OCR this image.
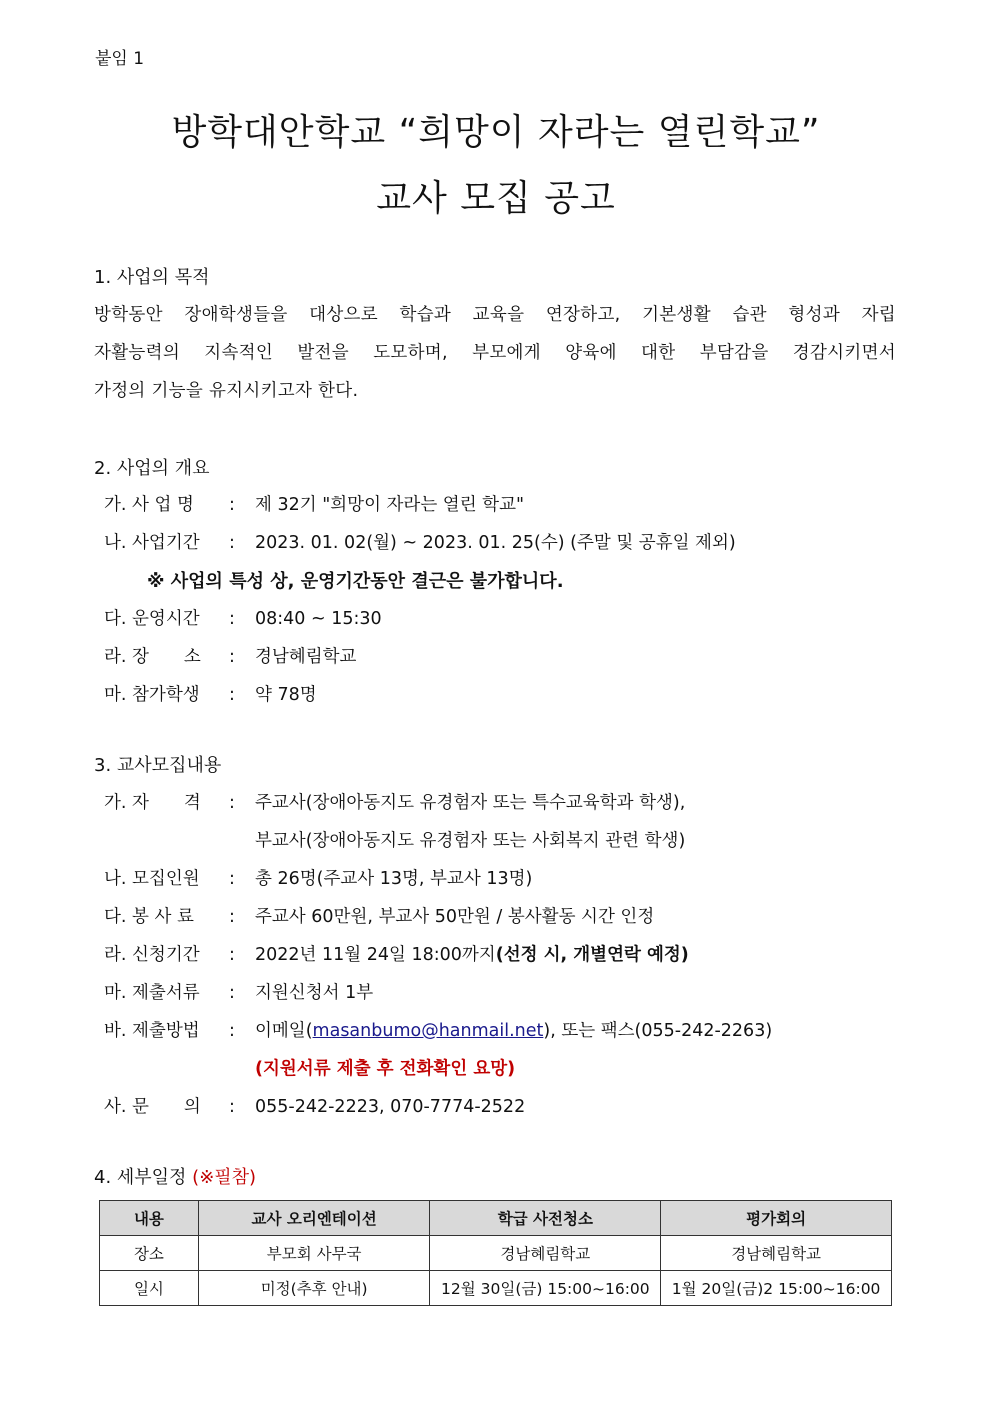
붙임 1
방학대안학교 “희망이 자라는 열린학교”
교사 모집 공고
1. 사업의 목적
방학동안 장애학생들을 대상으로 학습과 교육을 연장하고, 기본생활 습관 형성과 자립
자활능력의 지속적인 발전을 도모하며, 부모에게 양육에 대한 부담감을 경감시키면서
가정의 기능을 유지시키고자 한다.
2. 사업의 개요
가. 사 업 명 : 제 32기 "희망이 자라는 열린 학교"
나. 사업기간 : 2023. 01. 02(월) ~ 2023. 01. 25(수) (주말 및 공휴일 제외)
※ 사업의 특성 상, 운영기간동안 결근은 불가합니다.
다. 운영시간 : 08:40 ~ 15:30
라. 장　　소 : 경남혜림학교
마. 참가학생 : 약 78명
3. 교사모집내용
가. 자　　격 : 주교사(장애아동지도 유경험자 또는 특수교육학과 학생),
부교사(장애아동지도 유경험자 또는 사회복지 관련 학생)
나. 모집인원 : 총 26명(주교사 13명, 부교사 13명)
다. 봉 사 료 : 주교사 60만원, 부교사 50만원 / 봉사활동 시간 인정
라. 신청기간 : 2022년 11월 24일 18:00까지(선정 시, 개별연락 예정)
마. 제출서류 : 지원신청서 1부
바. 제출방법 : 이메일(masanbumo@hanmail.net), 또는 팩스(055-242-2263)
(지원서류 제출 후 전화확인 요망)
사. 문　　의 : 055-242-2223, 070-7774-2522
4. 세부일정 (※필참)
내용	교사 오리엔테이션	학급 사전청소	평가회의
장소	부모회 사무국	경남혜림학교	경남혜림학교
일시	미정(추후 안내)	12월 30일(금) 15:00~16:00	1월 20일(금)2 15:00~16:00
